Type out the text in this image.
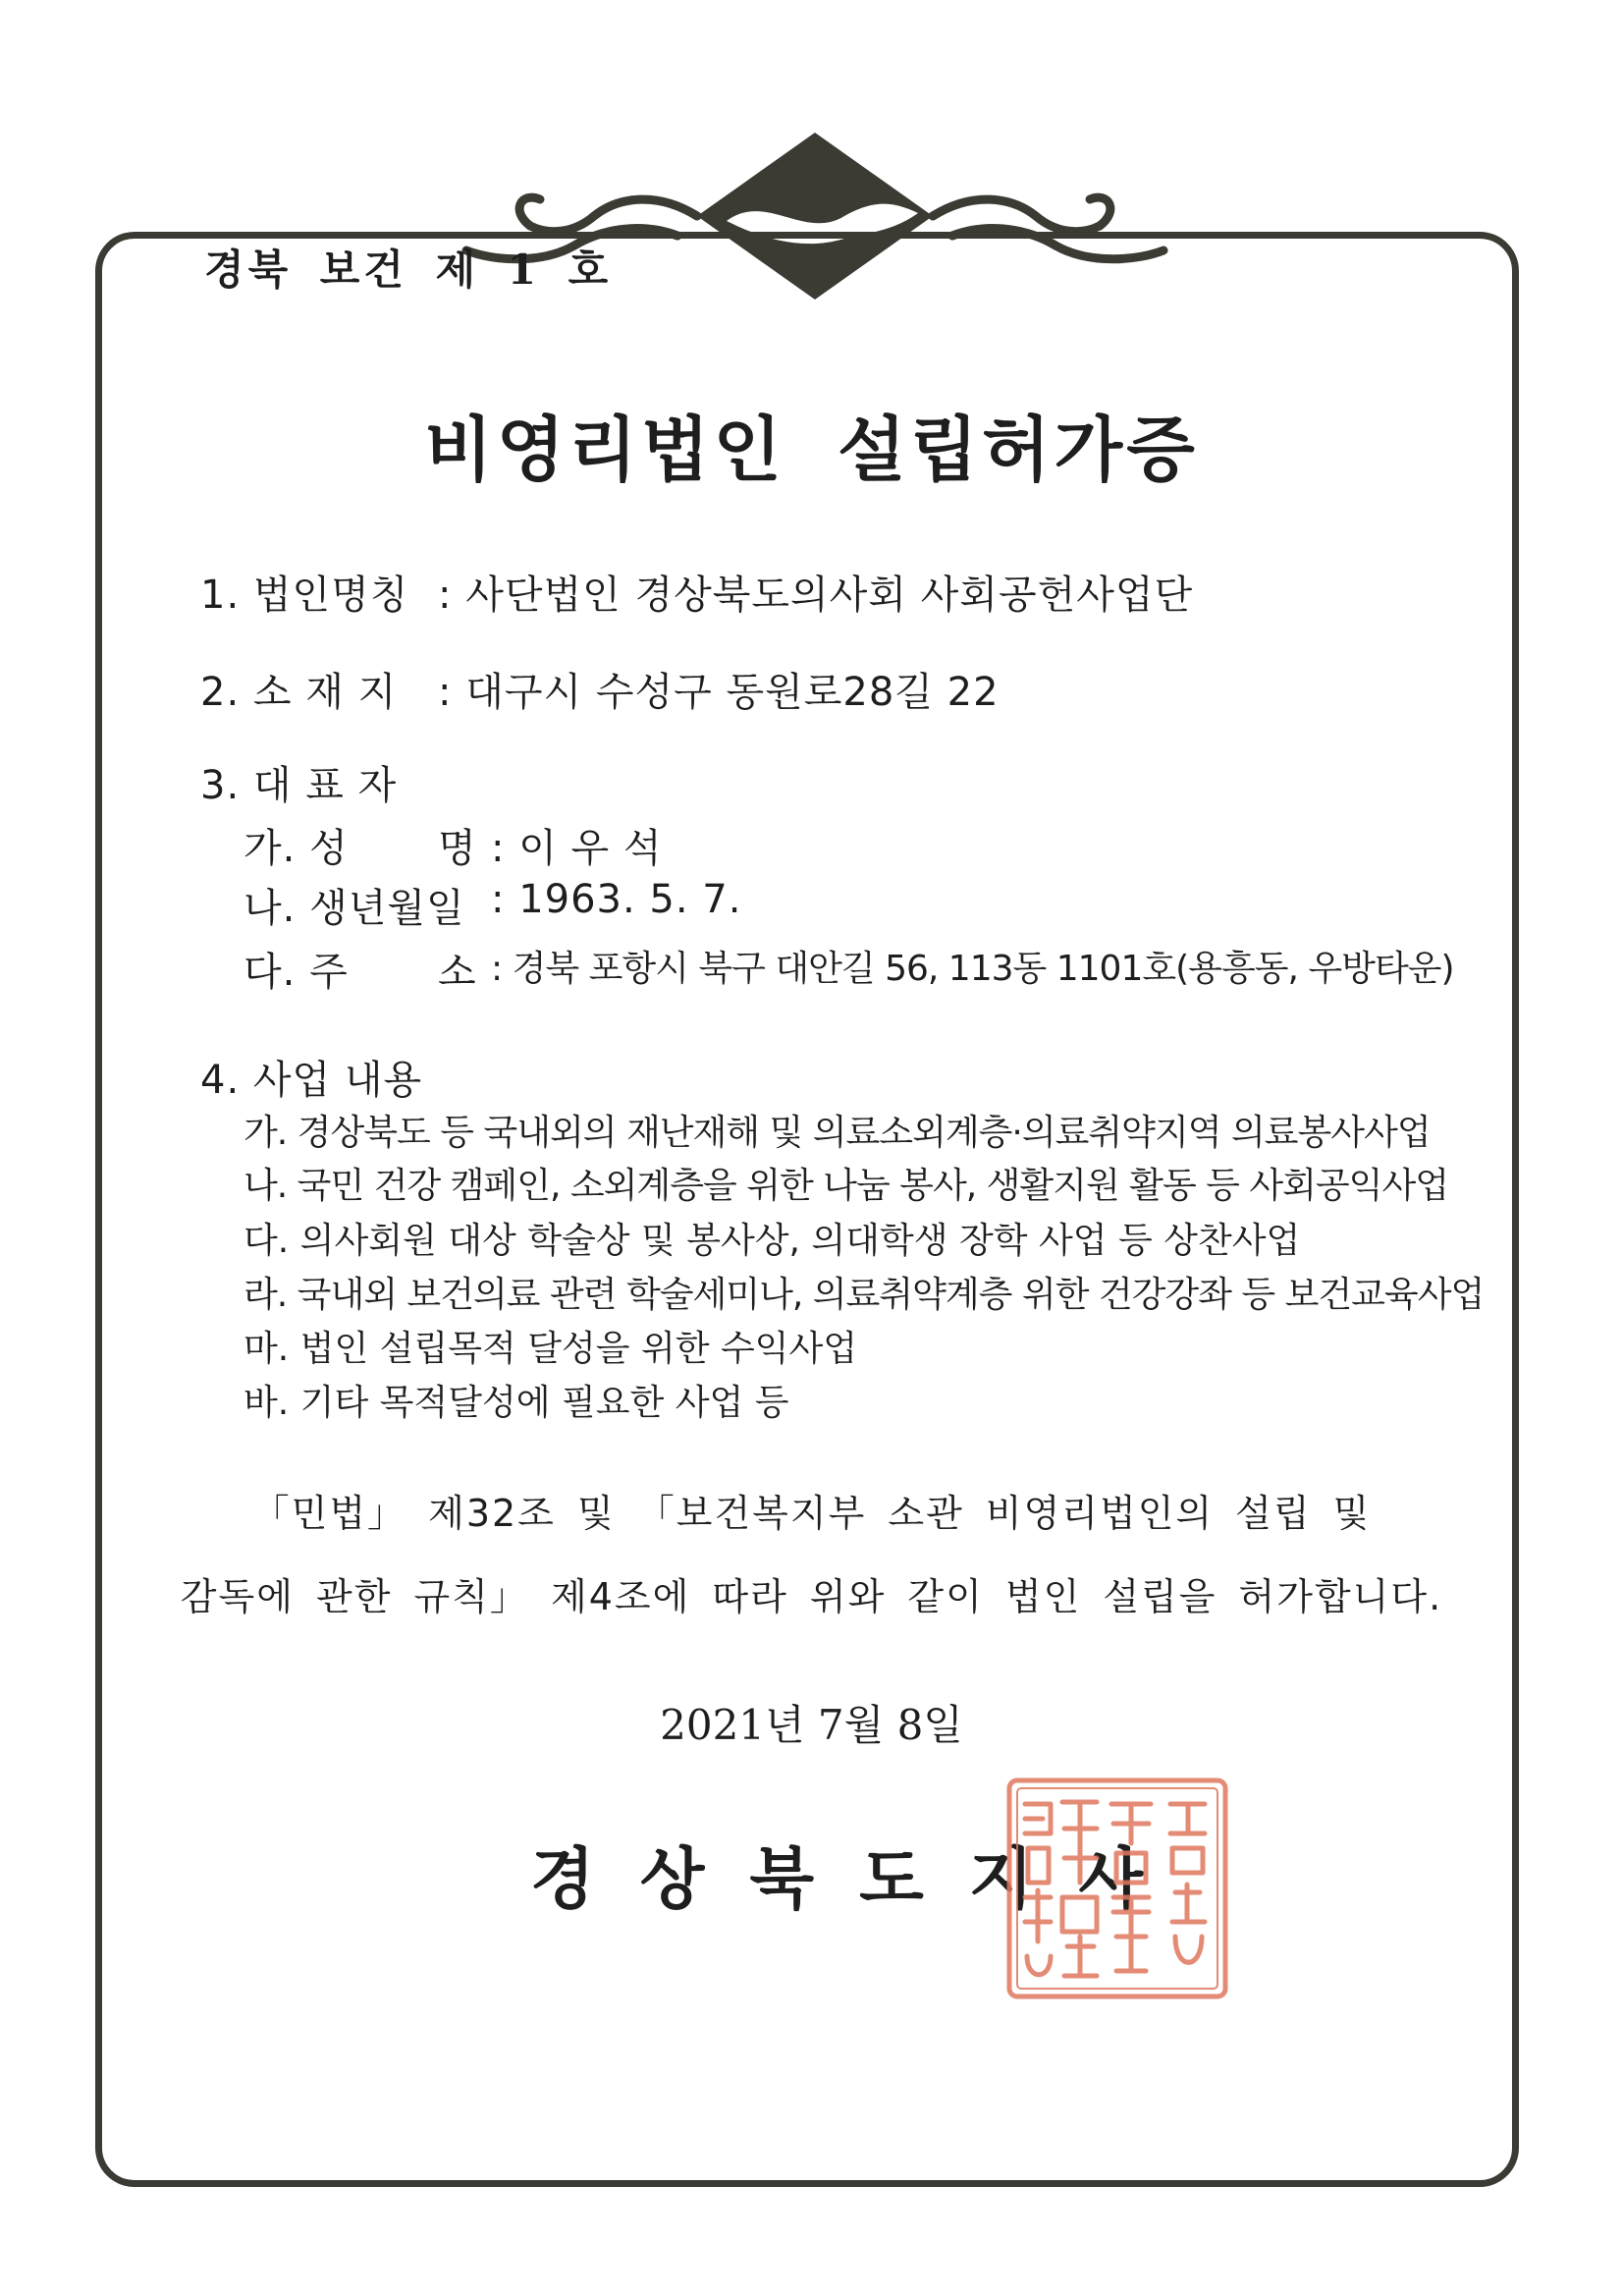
경북 보건 제 1 호
비영리법인 설립허가증
1. 법인명칭 : 사단법인 경상북도의사회 사회공헌사업단
2. 소 재 지 : 대구시 수성구 동원로28길 22
3. 대 표 자
가. 성 명 : 이 우 석
나. 생년월일 : 1963. 5. 7.
다. 주 소 : 경북 포항시 북구 대안길 56, 113동 1101호(용흥동, 우방타운)
4. 사업 내용
가. 경상북도 등 국내외의 재난재해 및 의료소외계층·의료취약지역 의료봉사사업
나. 국민 건강 캠페인, 소외계층을 위한 나눔 봉사, 생활지원 활동 등 사회공익사업
다. 의사회원 대상 학술상 및 봉사상, 의대학생 장학 사업 등 상찬사업
라. 국내외 보건의료 관련 학술세미나, 의료취약계층 위한 건강강좌 등 보건교육사업
마. 법인 설립목적 달성을 위한 수익사업
바. 기타 목적달성에 필요한 사업 등
「민법」 제32조 및 「보건복지부 소관 비영리법인의 설립 및
감독에 관한 규칙」 제4조에 따라 위와 같이 법인 설립을 허가합니다.
2021년 7월 8일
경상북도지사
